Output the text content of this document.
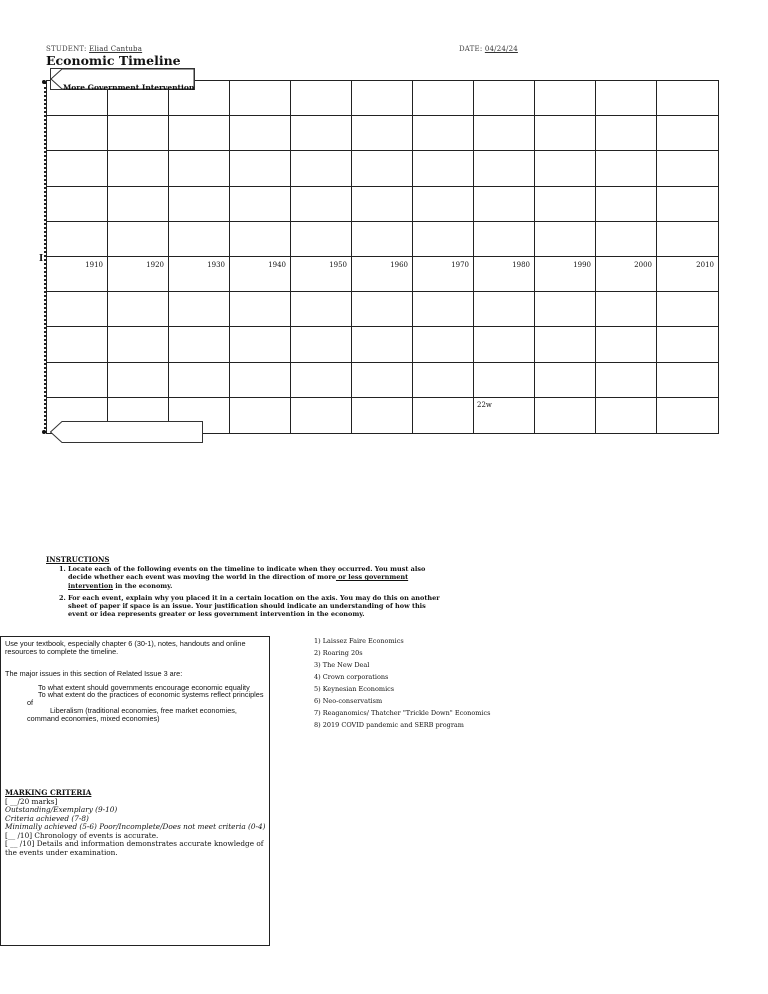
STUDENT: Eliad Cantuba	DATE: 04/24/24
Economic Timeline
1910	1920	1930	1940	1950	1960	1970	1980	1990	2000	2010
22w
I
More Government Intervention
INSTRUCTIONS
1. Locate each of the following events on the timeline to indicate when they occurred. You must also decide whether each event was moving the world in the direction of more or less government intervention in the economy.
2. For each event, explain why you placed it in a certain location on the axis. You may do this on another sheet of paper if space is an issue. Your justification should indicate an understanding of how this event or idea represents greater or less government intervention in the economy.

Use your textbook, especially chapter 6 (30-1), notes, handouts and online resources to complete the timeline.

The major issues in this section of Related Issue 3 are:

To what extent should governments encourage economic equality

To what extent do the practices of economic systems reflect principles of

Liberalism (traditional economies, free market economies, command economies, mixed economies)

MARKING CRITERIA
[ __/20 marks]
Outstanding/Exemplary (9-10)
Criteria achieved (7-8)
Minimally achieved (5-6) Poor/Incomplete/Does not meet criteria (0-4)
[__ /10] Chronology of events is accurate.
[ __ /10] Details and information demonstrates accurate knowledge of the events under examination.
1) Laissez Faire Economics
2) Roaring 20s
3) The New Deal
4) Crown corporations
5) Keynesian Economics
6) Neo-conservatism
7) Reaganomics/ Thatcher "Trickle Down" Economics
8) 2019 COVID pandemic and SERB program
